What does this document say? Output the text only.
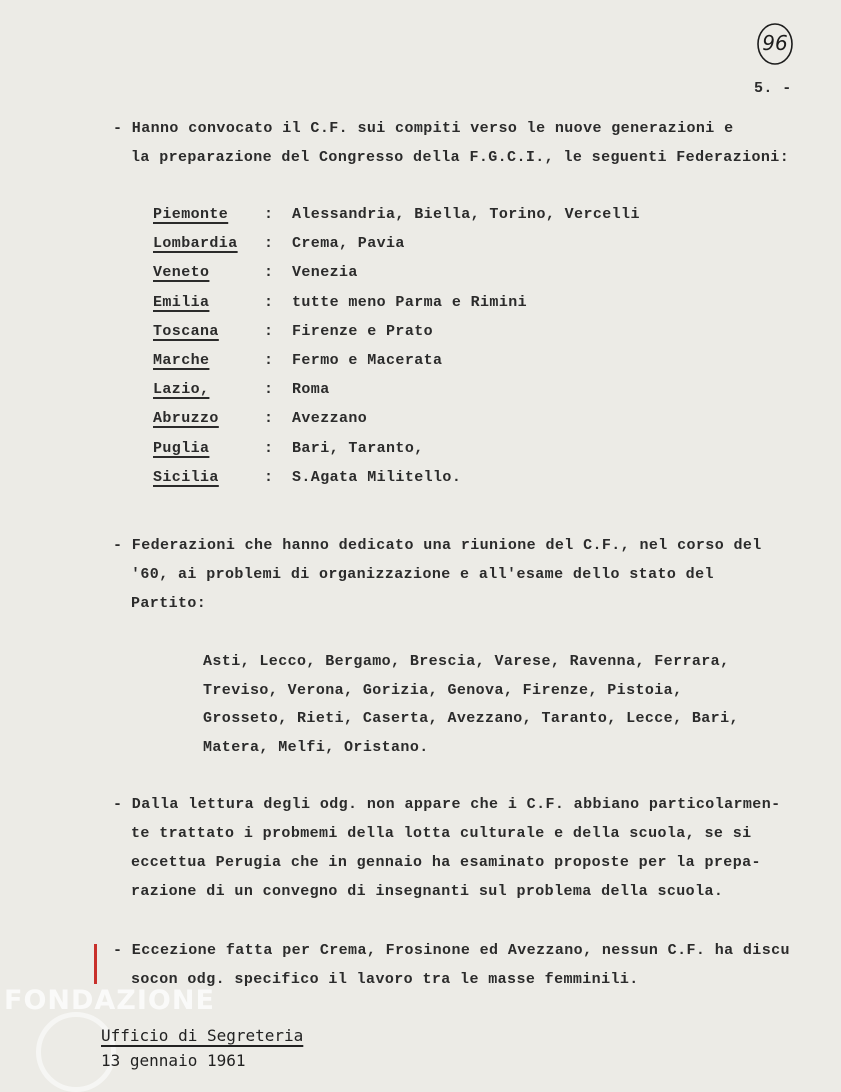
96
5. -
- Hanno convocato il C.F. sui compiti verso le nuove generazioni e
la preparazione del Congresso della F.G.C.I., le seguenti Federazioni:
Piemonte : Alessandria, Biella, Torino, Vercelli
Lombardia : Crema, Pavia
Veneto	: Venezia
Emilia	: tutte meno Parma e Rimini
Toscana	: Firenze e Prato
Marche	: Fermo e Macerata
Lazio,	: Roma
Abruzzo	: Avezzano
Puglia	: Bari, Taranto,
Sicilia	: S.Agata Militello.
- Federazioni che hanno dedicato una riunione del C.F., nel corso del
'60, ai problemi di organizzazione e all'esame dello stato del
Partito:
Asti, Lecco, Bergamo, Brescia, Varese, Ravenna, Ferrara,
Treviso, Verona, Gorizia, Genova, Firenze, Pistoia,
Grosseto, Rieti, Caserta, Avezzano, Taranto, Lecce, Bari,
Matera, Melfi, Oristano.
- Dalla lettura degli odg. non appare che i C.F. abbiano particolarmen-
te trattato i probmemi della lotta culturale e della scuola, se si
eccettua Perugia che in gennaio ha esaminato proposte per la prepa-
razione di un convegno di insegnanti sul problema della scuola.
- Eccezione fatta per Crema, Frosinone ed Avezzano, nessun C.F. ha discu
socon odg. specifico il lavoro tra le masse femminili.
FONDAZIONE
Ufficio di Segreteria
13 gennaio 1961
